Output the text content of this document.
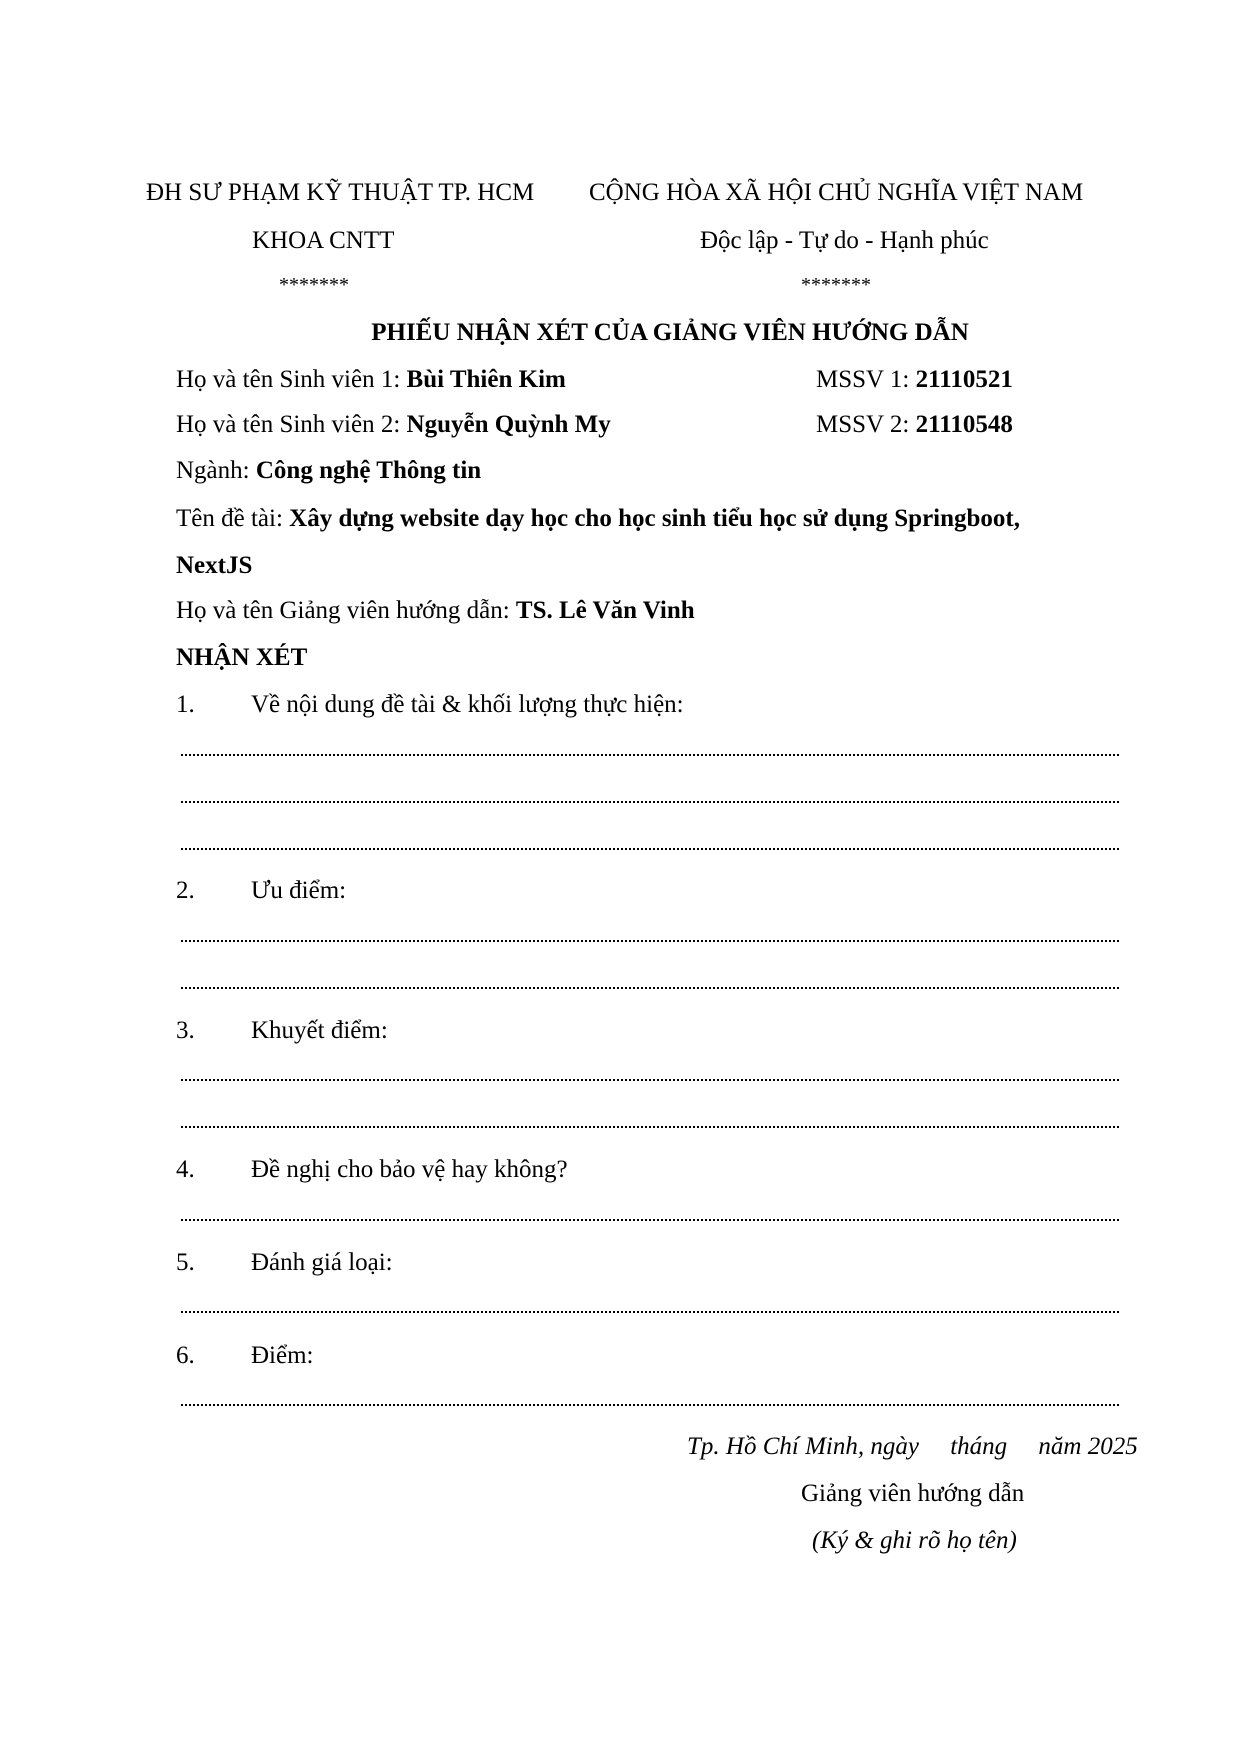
ĐH SƯ PHẠM KỸ THUẬT TP. HCM CỘNG HÒA XÃ HỘI CHỦ NGHĨA VIỆT NAM
KHOA CNTT	Độc lập - Tự do - Hạnh phúc
*******	*******
PHIẾU NHẬN XÉT CỦA GIẢNG VIÊN HƯỚNG DẪN
Họ và tên Sinh viên 1: Bùi Thiên Kim	MSSV 1: 21110521
Họ và tên Sinh viên 2: Nguyễn Quỳnh My	MSSV 2: 21110548
Ngành: Công nghệ Thông tin
Tên đề tài: Xây dựng website dạy học cho học sinh tiểu học sử dụng Springboot,
NextJS
Họ và tên Giảng viên hướng dẫn: TS. Lê Văn Vinh
NHẬN XÉT
1. Về nội dung đề tài & khối lượng thực hiện:
2. Ưu điểm:
3. Khuyết điểm:
4. Đề nghị cho bảo vệ hay không?
5. Đánh giá loại:
6. Điểm:
Tp. Hồ Chí Minh, ngày     tháng     năm 2025
Giảng viên hướng dẫn
(Ký & ghi rõ họ tên)
